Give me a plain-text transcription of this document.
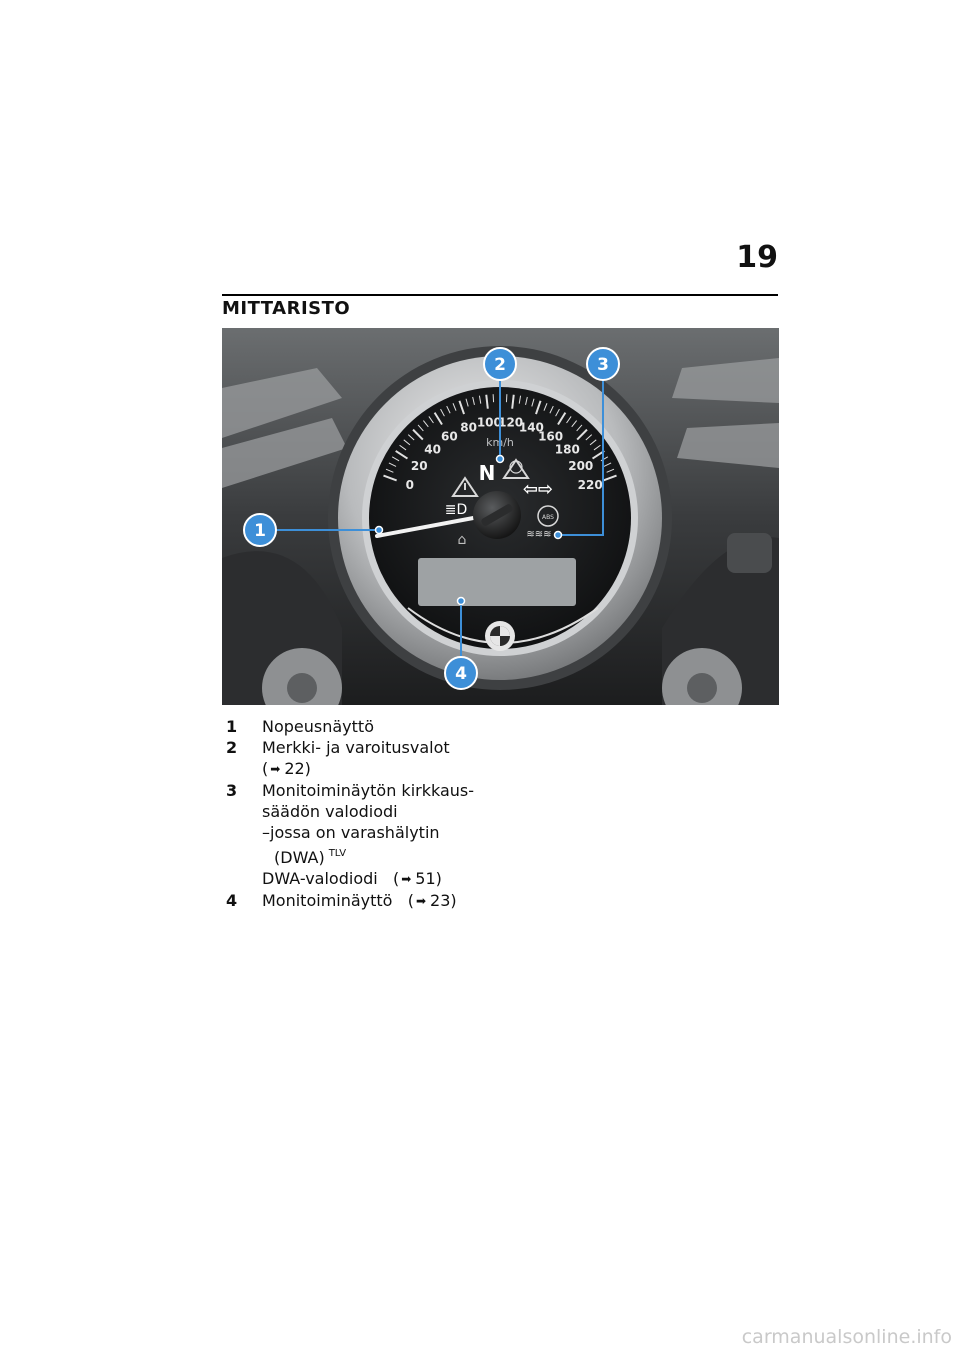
19
MITTARISTO
0
20
40
60
80 100
120
140
160
180
200
220
km/h
N
⇦⇨
≣D	ABS
⌂	≋≋≋
1
2	3
4
1	Nopeusnäyttö
2	Merkki- ja varoitusvalot
( ➡ 22)
3	Monitoiminäytön kirkkaus-
säädön valodiodi
–jossa on varashälytin
(DWA) $^{TLV}$
DWA-valodiodi   ( ➡ 51)
4	Monitoiminäyttö   ( ➡ 23)
carmanualsonline.info
